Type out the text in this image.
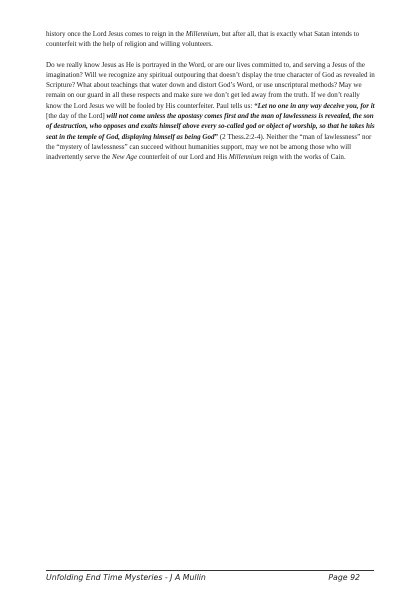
history once the Lord Jesus comes to reign in the Millennium, but after all, that is exactly what Satan intends to counterfeit with the help of religion and willing volunteers.

Do we really know Jesus as He is portrayed in the Word, or are our lives committed to, and serving a Jesus of the imagination? Will we recognize any spiritual outpouring that doesn’t display the true character of God as revealed in Scripture? What about teachings that water down and distort God’s Word, or use unscriptural methods? May we remain on our guard in all these respects and make sure we don’t get led away from the truth. If we don’t really know the Lord Jesus we will be fooled by His counterfeiter. Paul tells us: “Let no one in any way deceive you, for it [the day of the Lord] will not come unless the apostasy comes first and the man of lawlessness is revealed, the son of destruction, who opposes and exalts himself above every so-called god or object of worship, so that he takes his seat in the temple of God, displaying himself as being God” (2 Thess.2:2-4). Neither the “man of lawlessness” nor the “mystery of lawlessness” can succeed without humanities support, may we not be among those who will inadvertently serve the New Age counterfeit of our Lord and His Millennium reign with the works of Cain.

Unfolding End Time Mysteries - J A Mullin	Page 92
